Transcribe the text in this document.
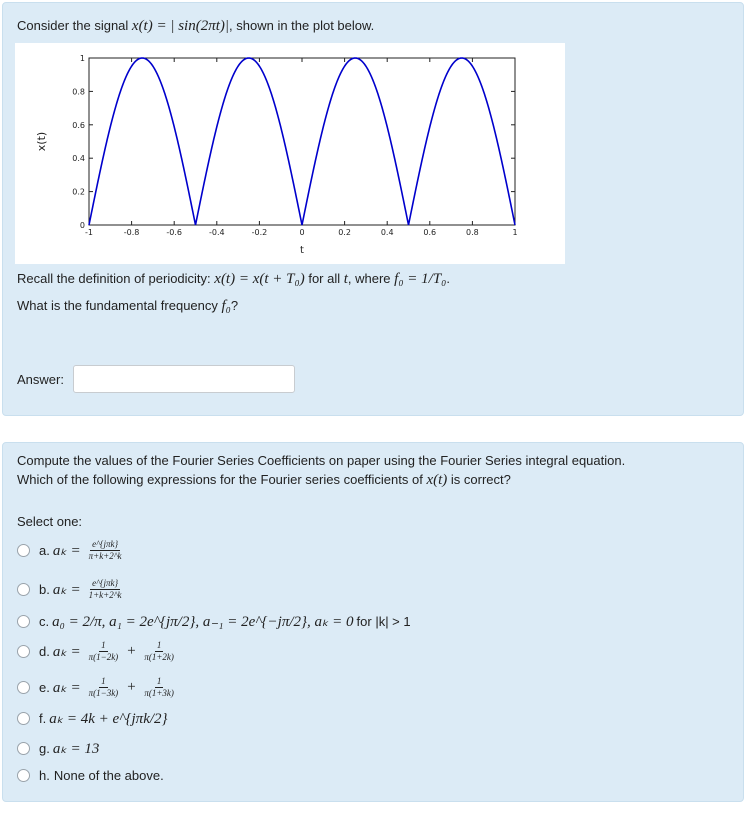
Consider the signal x(t) = | sin(2πt)|, shown in the plot below.
-1	-0.8	-0.6	-0.4	-0.2	0	0.2	0.4	0.6	0.8	1
0
0.2
0.4
0.6
0.8
1
t
x(t)
Recall the definition of periodicity: x(t) = x(t + T₀) for all t, where f₀ = 1/T₀.
What is the fundamental frequency f₀?
Answer:
Compute the values of the Fourier Series Coefficients on paper using the Fourier Series integral equation.
Which of the following expressions for the Fourier series coefficients of x(t) is correct?
Select one:
a. $a_k = \frac{\text{e\textasciicircum{}\{jπk\}}}{\pi+k+2\^{}k}$
b. $a_k = \frac{\text{e\textasciicircum{}\{jπk\}}}{1+k+2\^{}k}$
c. a₀ = 2/π, a₁ = 2e^{jπ/2}, a₋₁ = 2e^{−jπ/2}, aₖ = 0 for |k| > 1
d. $a_k = \frac{1}{\pi(1-2k)} + \frac{1}{\pi(1+2k)}$
e. $a_k = \frac{1}{\pi(1-3k)} + \frac{1}{\pi(1+3k)}$
f. aₖ = 4k + e^{jπk/2}
g. aₖ = 13
h. None of the above.
